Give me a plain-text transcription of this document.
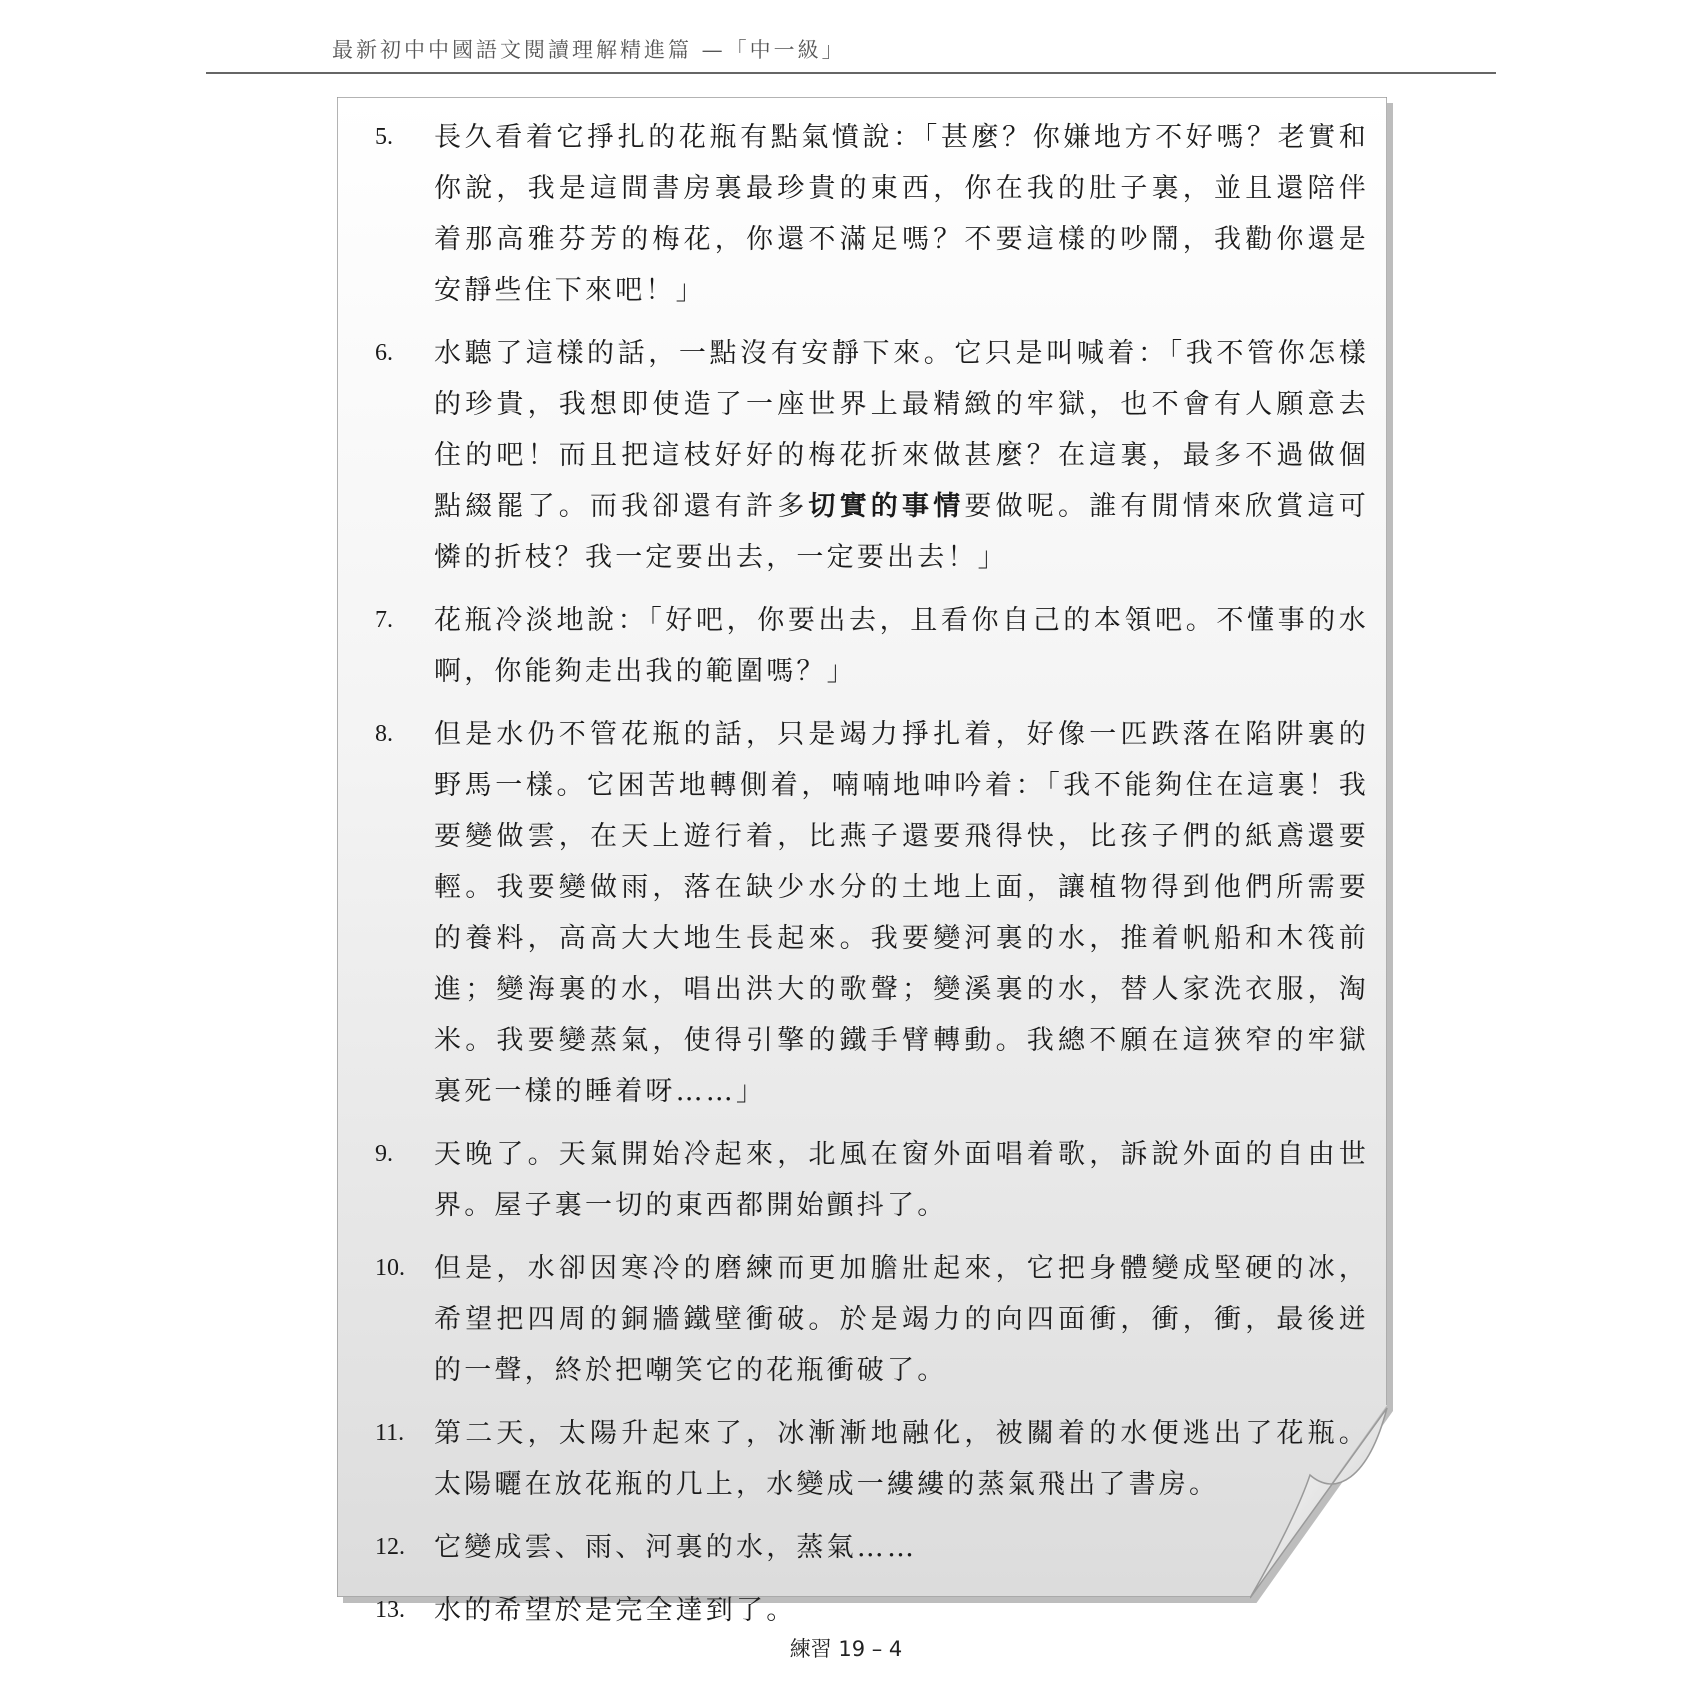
最新初中中國語文閱讀理解精進篇 —「中一級」
5.	長久看着它掙扎的花瓶有點氣憤說：「甚麼？你嫌地方不好嗎？老實和你說，我是這間書房裏最珍貴的東西，你在我的肚子裏，並且還陪伴着那高雅芬芳的梅花，你還不滿足嗎？不要這樣的吵鬧，我勸你還是安靜些住下來吧！」
6.	水聽了這樣的話，一點沒有安靜下來。它只是叫喊着：「我不管你怎樣的珍貴，我想即使造了一座世界上最精緻的牢獄，也不會有人願意去住的吧！而且把這枝好好的梅花折來做甚麼？在這裏，最多不過做個點綴罷了。而我卻還有許多切實的事情要做呢。誰有閒情來欣賞這可憐的折枝？我一定要出去，一定要出去！」
7.	花瓶冷淡地說：「好吧，你要出去，且看你自己的本領吧。不懂事的水啊，你能夠走出我的範圍嗎？」
8.	但是水仍不管花瓶的話，只是竭力掙扎着，好像一匹跌落在陷阱裏的野馬一樣。它困苦地轉側着，喃喃地呻吟着：「我不能夠住在這裏！我要變做雲，在天上遊行着，比燕子還要飛得快，比孩子們的紙鳶還要輕。我要變做雨，落在缺少水分的土地上面，讓植物得到他們所需要的養料，高高大大地生長起來。我要變河裏的水，推着帆船和木筏前進；變海裏的水，唱出洪大的歌聲；變溪裏的水，替人家洗衣服，淘米。我要變蒸氣，使得引擎的鐵手臂轉動。我總不願在這狹窄的牢獄裏死一樣的睡着呀……」
9.	天晚了。天氣開始冷起來，北風在窗外面唱着歌，訴說外面的自由世界。屋子裏一切的東西都開始顫抖了。
10.	但是，水卻因寒冷的磨練而更加膽壯起來，它把身體變成堅硬的冰，希望把四周的銅牆鐵壁衝破。於是竭力的向四面衝，衝，衝，最後迸的一聲，終於把嘲笑它的花瓶衝破了。
11.	第二天，太陽升起來了，冰漸漸地融化，被關着的水便逃出了花瓶。太陽曬在放花瓶的几上，水變成一縷縷的蒸氣飛出了書房。
12.	它變成雲、雨、河裏的水，蒸氣……
13.	水的希望於是完全達到了。
練習 19 – 4
